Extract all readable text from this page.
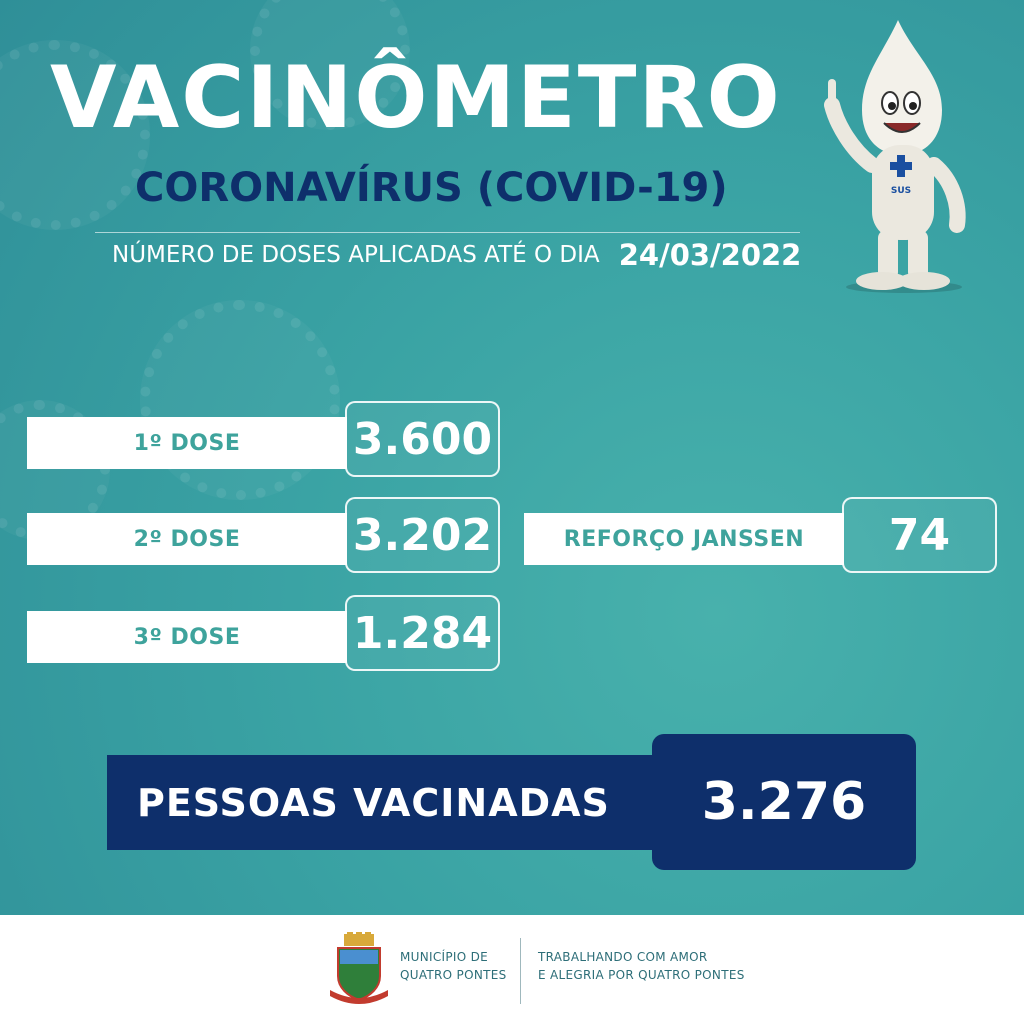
VACINÔMETRO
CORONAVÍRUS (COVID-19)
NÚMERO DE DOSES APLICADAS ATÉ O DIA 24/03/2022
SUS
1º DOSE	3.600
2º DOSE	3.202
3º DOSE	1.284
REFORÇO JANSSEN	74
PESSOAS VACINADAS	3.276
MUNICÍPIO DE
QUATRO PONTES
TRABALHANDO COM AMOR
E ALEGRIA POR QUATRO PONTES
